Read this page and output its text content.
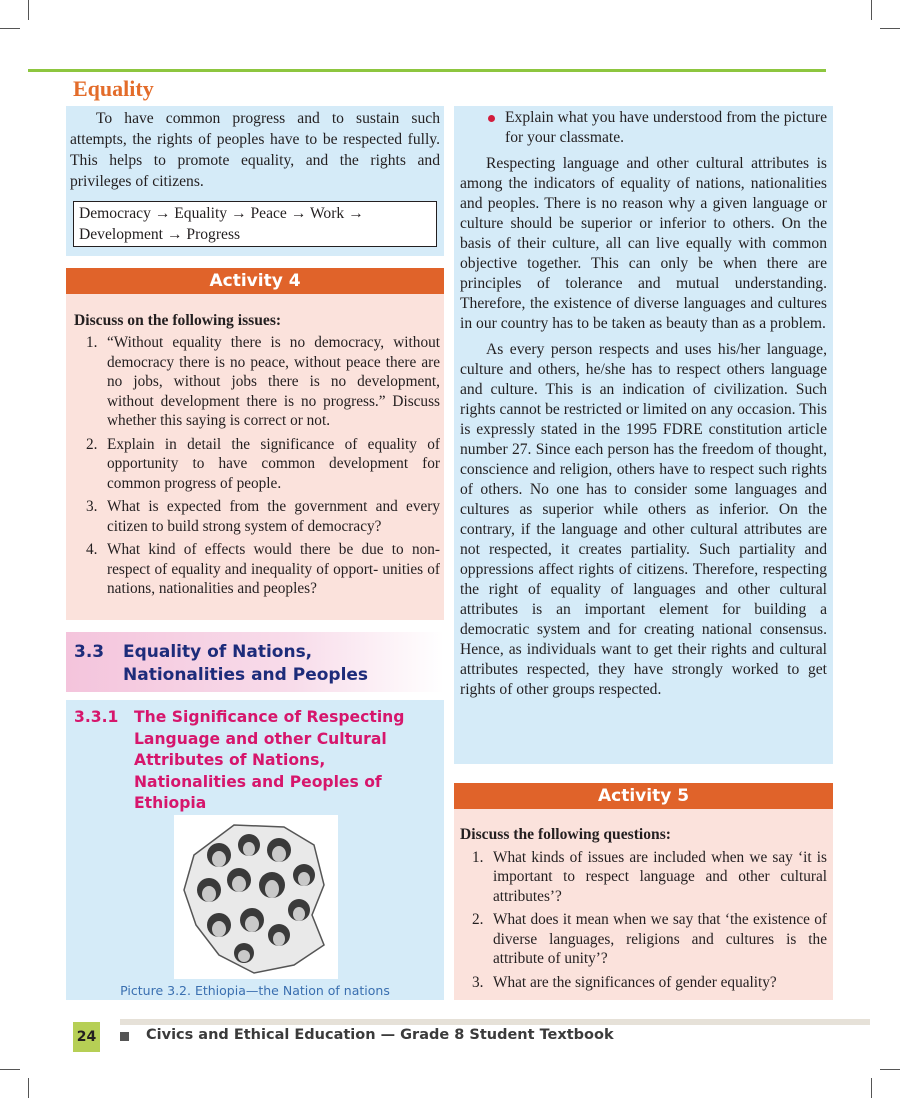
Equality

To have common progress and to sustain such attempts, the rights of peoples have to be respected fully. This helps to promote equality, and the rights and privileges of citizens.

Democracy → Equality → Peace → Work →
Development → Progress
Activity 4
Discuss on the following issues:
1. “Without equality there is no democracy, without democracy there is no peace, without peace there are no jobs, without jobs there is no development, without development there is no progress.” Discuss whether this saying is correct or not.
2. Explain in detail the significance of equality of opportunity to have common development for common progress of people.
3. What is expected from the government and every citizen to build strong system of democracy?
4. What kind of effects would there be due to non-respect of equality and inequality of opport- unities of nations, nationalities and peoples?
3.3 Equality of Nations,
Nationalities and Peoples
3.3.1 The Significance of Respecting
Language and other Cultural
Attributes of Nations,
Nationalities and Peoples of
Ethiopia
Picture 3.2. Ethiopia—the Nation of nations
Explain what you have understood from the picture for your classmate.

Respecting language and other cultural attributes is among the indicators of equality of nations, nationalities and peoples. There is no reason why a given language or culture should be superior or inferior to others. On the basis of their culture, all can live equally with common objective together. This can only be when there are principles of tolerance and mutual understanding. Therefore, the existence of diverse languages and cultures in our country has to be taken as beauty than as a problem.

As every person respects and uses his/her language, culture and others, he/she has to respect others language and culture. This is an indication of civilization. Such rights cannot be restricted or limited on any occasion. This is expressly stated in the 1995 FDRE constitution article number 27. Since each person has the freedom of thought, conscience and religion, others have to respect such rights of others. No one has to consider some languages and cultures as superior while others as inferior. On the contrary, if the language and other cultural attributes are not respected, it creates partiality. Such partiality and oppressions affect rights of citizens. Therefore, respecting the right of equality of languages and other cultural attributes is an important element for building a democratic system and for creating national consensus. Hence, as individuals want to get their rights and cultural attributes respected, they have strongly worked to get rights of other groups respected.

Activity 5
Discuss the following questions:
1. What kinds of issues are included when we say ‘it is important to respect language and other cultural attributes’?
2. What does it mean when we say that ‘the existence of diverse languages, religions and cultures is the attribute of unity’?
3. What are the significances of gender equality?
24	Civics and Ethical Education — Grade 8 Student Textbook
